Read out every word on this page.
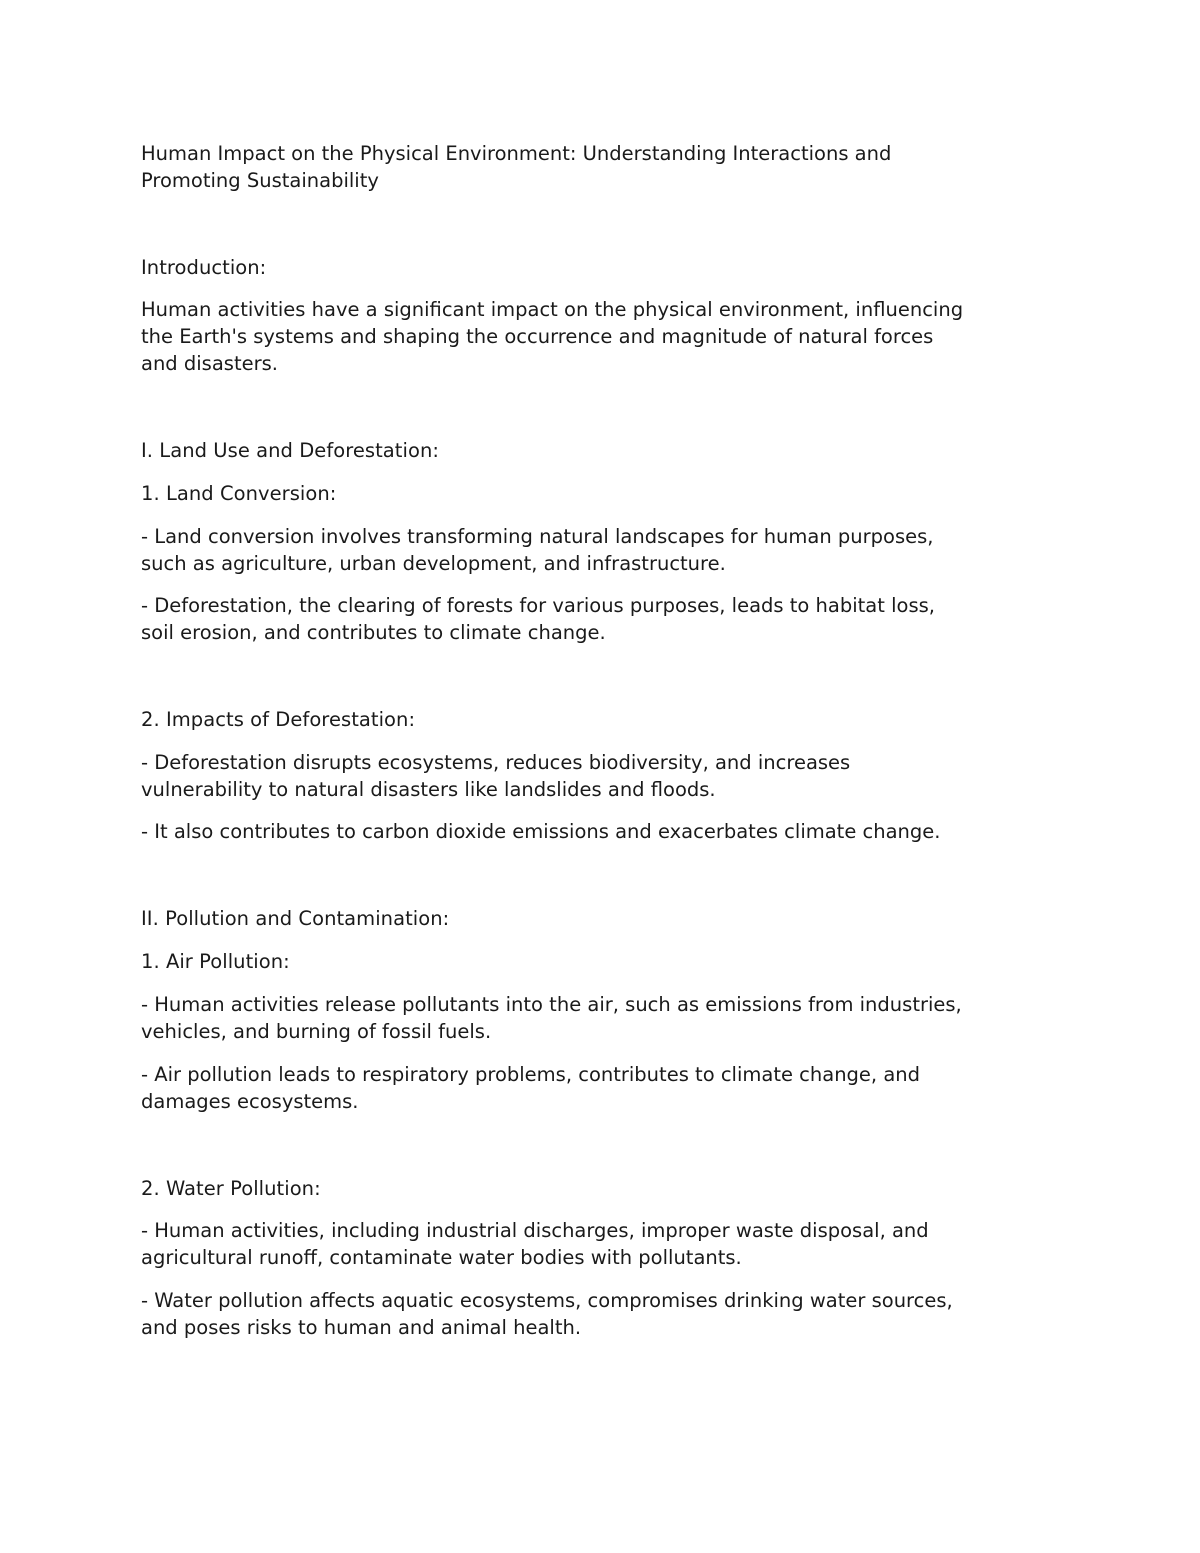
Human Impact on the Physical Environment: Understanding Interactions and
Promoting Sustainability

Introduction:

Human activities have a significant impact on the physical environment, influencing
the Earth's systems and shaping the occurrence and magnitude of natural forces
and disasters.

I. Land Use and Deforestation:

1. Land Conversion:

- Land conversion involves transforming natural landscapes for human purposes,
such as agriculture, urban development, and infrastructure.

- Deforestation, the clearing of forests for various purposes, leads to habitat loss,
soil erosion, and contributes to climate change.

2. Impacts of Deforestation:

- Deforestation disrupts ecosystems, reduces biodiversity, and increases
vulnerability to natural disasters like landslides and floods.

- It also contributes to carbon dioxide emissions and exacerbates climate change.

II. Pollution and Contamination:

1. Air Pollution:

- Human activities release pollutants into the air, such as emissions from industries,
vehicles, and burning of fossil fuels.

- Air pollution leads to respiratory problems, contributes to climate change, and
damages ecosystems.

2. Water Pollution:

- Human activities, including industrial discharges, improper waste disposal, and
agricultural runoff, contaminate water bodies with pollutants.

- Water pollution affects aquatic ecosystems, compromises drinking water sources,
and poses risks to human and animal health.
